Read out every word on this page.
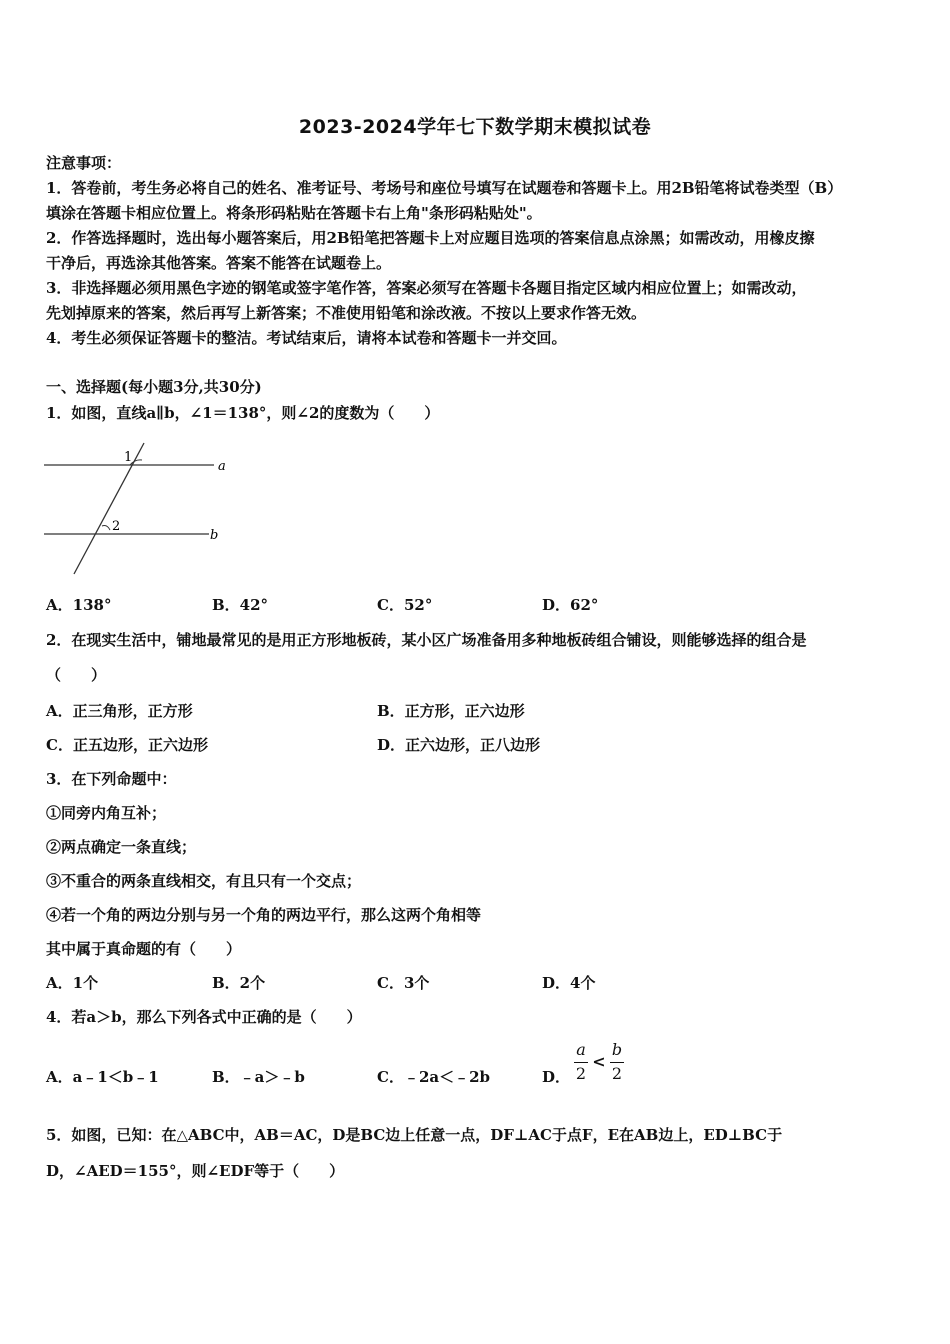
2023-2024学年七下数学期末模拟试卷
注意事项：
1．答卷前，考生务必将自己的姓名、准考证号、考场号和座位号填写在试题卷和答题卡上。用2B铅笔将试卷类型（B）
填涂在答题卡相应位置上。将条形码粘贴在答题卡右上角"条形码粘贴处"。
2．作答选择题时，选出每小题答案后，用2B铅笔把答题卡上对应题目选项的答案信息点涂黑；如需改动，用橡皮擦
干净后，再选涂其他答案。答案不能答在试题卷上。
3．非选择题必须用黑色字迹的钢笔或签字笔作答，答案必须写在答题卡各题目指定区域内相应位置上；如需改动，
先划掉原来的答案，然后再写上新答案；不准使用铅笔和涂改液。不按以上要求作答无效。
4．考生必须保证答题卡的整洁。考试结束后，请将本试卷和答题卡一并交回。
一、选择题(每小题3分,共30分)
1．如图，直线a∥b，∠1＝138°，则∠2的度数为（　　）
1
2
a
b
A．138°	B．42°	C．52°	D．62°
2．在现实生活中，铺地最常见的是用正方形地板砖，某小区广场准备用多种地板砖组合铺设，则能够选择的组合是
（　　）
A．正三角形，正方形	B．正方形，正六边形
C．正五边形，正六边形	D．正六边形，正八边形
3．在下列命题中：
①同旁内角互补；
②两点确定一条直线；
③不重合的两条直线相交，有且只有一个交点；
④若一个角的两边分别与另一个角的两边平行，那么这两个角相等
其中属于真命题的有（　　）
A．1个	B．2个	C．3个	D．4个
4．若a＞b，那么下列各式中正确的是（　　）
A．a﹣1＜b﹣1	B．﹣a＞﹣b	C．﹣2a＜﹣2b	D．
a
2
<
b
2
5．如图，已知：在△ABC中，AB＝AC，D是BC边上任意一点，DF⊥AC于点F，E在AB边上，ED⊥BC于
D，∠AED＝155°，则∠EDF等于（　　）
